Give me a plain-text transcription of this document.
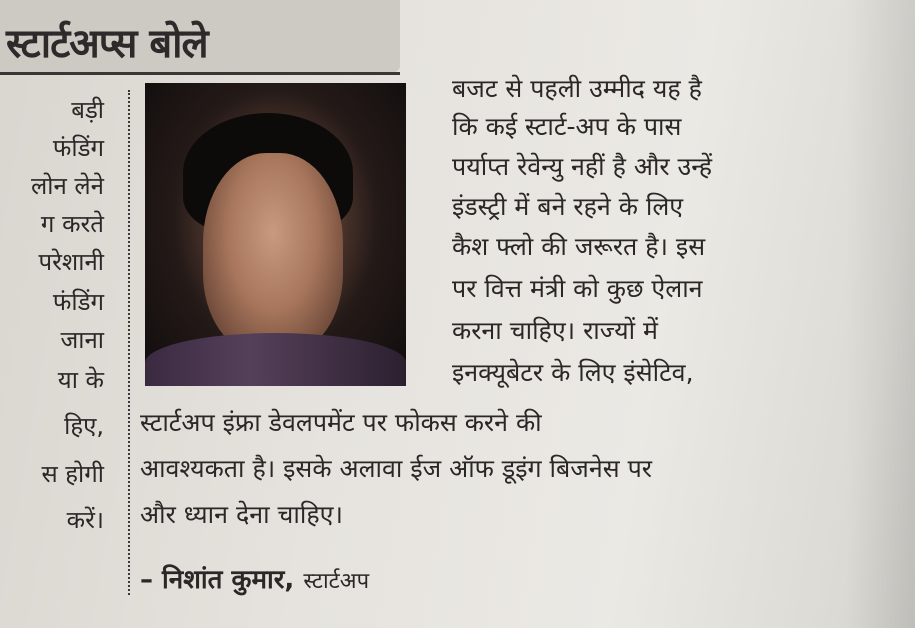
स्टार्टअप्स बोले
बड़ी
फंडिंग
लोन लेने
ग करते
परेशानी
फंडिंग
जाना
या के
हिए,
स होगी
करें।
बजट से पहली उम्मीद यह है
कि कई स्टार्ट-अप के पास
पर्याप्त रेवेन्यु नहीं है और उन्हें
इंडस्ट्री में बने रहने के लिए
कैश फ्लो की जरूरत है। इस
पर वित्त मंत्री को कुछ ऐलान
करना चाहिए। राज्यों में
इनक्यूबेटर के लिए इंसेटिव,
स्टार्टअप इंफ्रा डेवलपमेंट पर फोकस करने की
आवश्यकता है। इसके अलावा ईज ऑफ डूइंग बिजनेस पर
और ध्यान देना चाहिए।
– निशांत कुमार, स्टार्टअप
